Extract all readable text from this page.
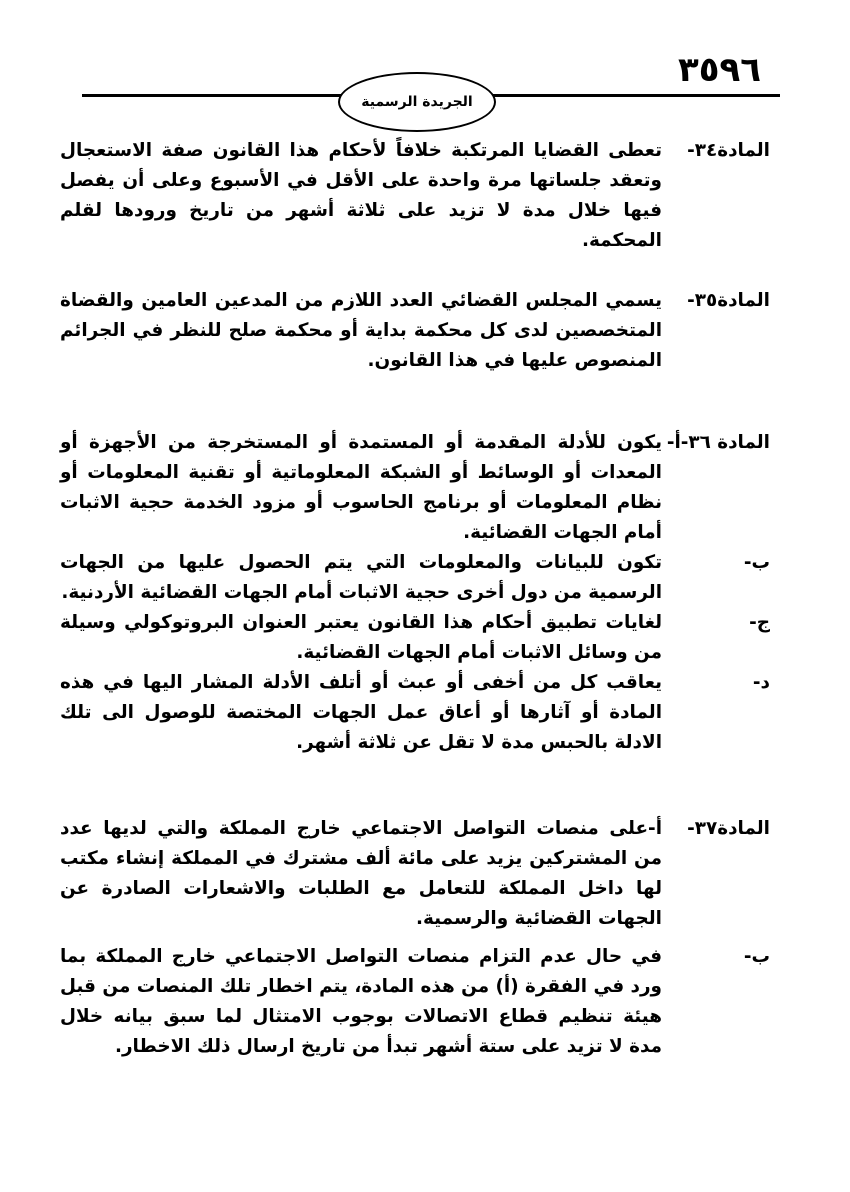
٣٥٩٦
الجريدة الرسمية
المادة٣٤-
تعطى القضايا المرتكبة خلافاً لأحكام هذا القانون صفة الاستعجال وتعقد جلساتها مرة واحدة على الأقل في الأسبوع وعلى أن يفصل فيها خلال مدة لا تزيد على ثلاثة أشهر من تاريخ ورودها لقلم المحكمة.
المادة٣٥-
يسمي المجلس القضائي العدد اللازم من المدعين العامين والقضاة المتخصصين لدى كل محكمة بداية أو محكمة صلح للنظر في الجرائم المنصوص عليها في هذا القانون.
المادة ٣٦-أ-
يكون للأدلة المقدمة أو المستمدة أو المستخرجة من الأجهزة أو المعدات أو الوسائط أو الشبكة المعلوماتية أو تقنية المعلومات أو نظام المعلومات أو برنامج الحاسوب أو مزود الخدمة حجية الاثبات أمام الجهات القضائية.
ب-
تكون للبيانات والمعلومات التي يتم الحصول عليها من الجهات الرسمية من دول أخرى حجية الاثبات أمام الجهات القضائية الأردنية.
ج-
لغايات تطبيق أحكام هذا القانون يعتبر العنوان البروتوكولي وسيلة من وسائل الاثبات أمام الجهات القضائية.
د-
يعاقب كل من أخفى أو عبث أو أتلف الأدلة المشار اليها في هذه المادة أو آثارها أو أعاق عمل الجهات المختصة للوصول الى تلك الادلة بالحبس مدة لا تقل عن ثلاثة أشهر.
المادة٣٧-
أ-على منصات التواصل الاجتماعي خارج المملكة والتي لديها عدد من المشتركين يزيد على مائة ألف مشترك في المملكة إنشاء مكتب لها داخل المملكة للتعامل مع الطلبات والاشعارات الصادرة عن الجهات القضائية والرسمية.
ب-
في حال عدم التزام منصات التواصل الاجتماعي خارج المملكة بما ورد في الفقرة (أ) من هذه المادة، يتم اخطار تلك المنصات من قبل هيئة تنظيم قطاع الاتصالات بوجوب الامتثال لما سبق بيانه خلال مدة لا تزيد على ستة أشهر تبدأ من تاريخ ارسال ذلك الاخطار.
